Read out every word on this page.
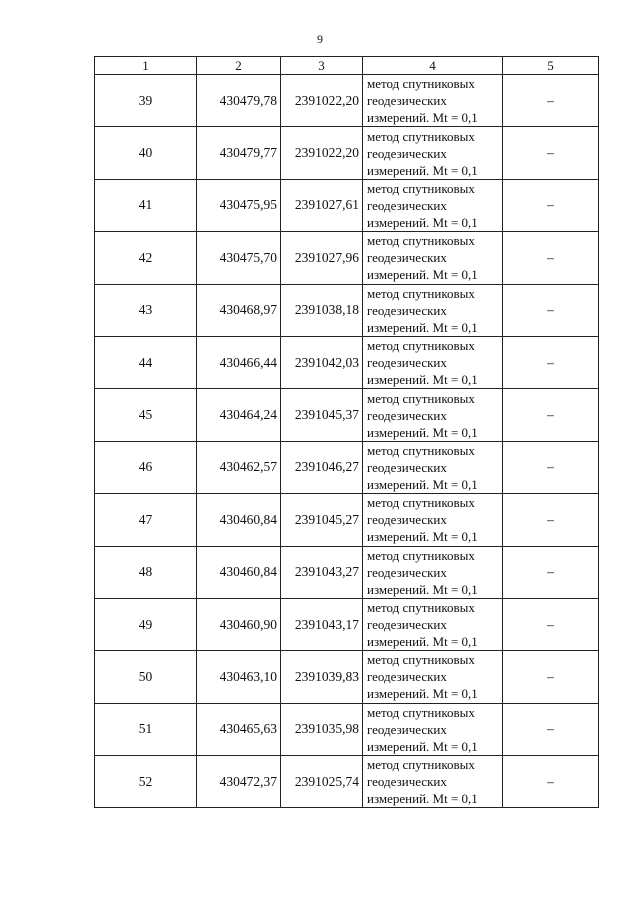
9
1	2	3	4	5
39	430479,78	2391022,20	метод спутниковых
геодезических
измерений. Mt = 0,1	–
40	430479,77	2391022,20	метод спутниковых
геодезических
измерений. Mt = 0,1	–
41	430475,95	2391027,61	метод спутниковых
геодезических
измерений. Mt = 0,1	–
42	430475,70	2391027,96	метод спутниковых
геодезических
измерений. Mt = 0,1	–
43	430468,97	2391038,18	метод спутниковых
геодезических
измерений. Mt = 0,1	–
44	430466,44	2391042,03	метод спутниковых
геодезических
измерений. Mt = 0,1	–
45	430464,24	2391045,37	метод спутниковых
геодезических
измерений. Mt = 0,1	–
46	430462,57	2391046,27	метод спутниковых
геодезических
измерений. Mt = 0,1	–
47	430460,84	2391045,27	метод спутниковых
геодезических
измерений. Mt = 0,1	–
48	430460,84	2391043,27	метод спутниковых
геодезических
измерений. Mt = 0,1	–
49	430460,90	2391043,17	метод спутниковых
геодезических
измерений. Mt = 0,1	–
50	430463,10	2391039,83	метод спутниковых
геодезических
измерений. Mt = 0,1	–
51	430465,63	2391035,98	метод спутниковых
геодезических
измерений. Mt = 0,1	–
52	430472,37	2391025,74	метод спутниковых
геодезических
измерений. Mt = 0,1	–
